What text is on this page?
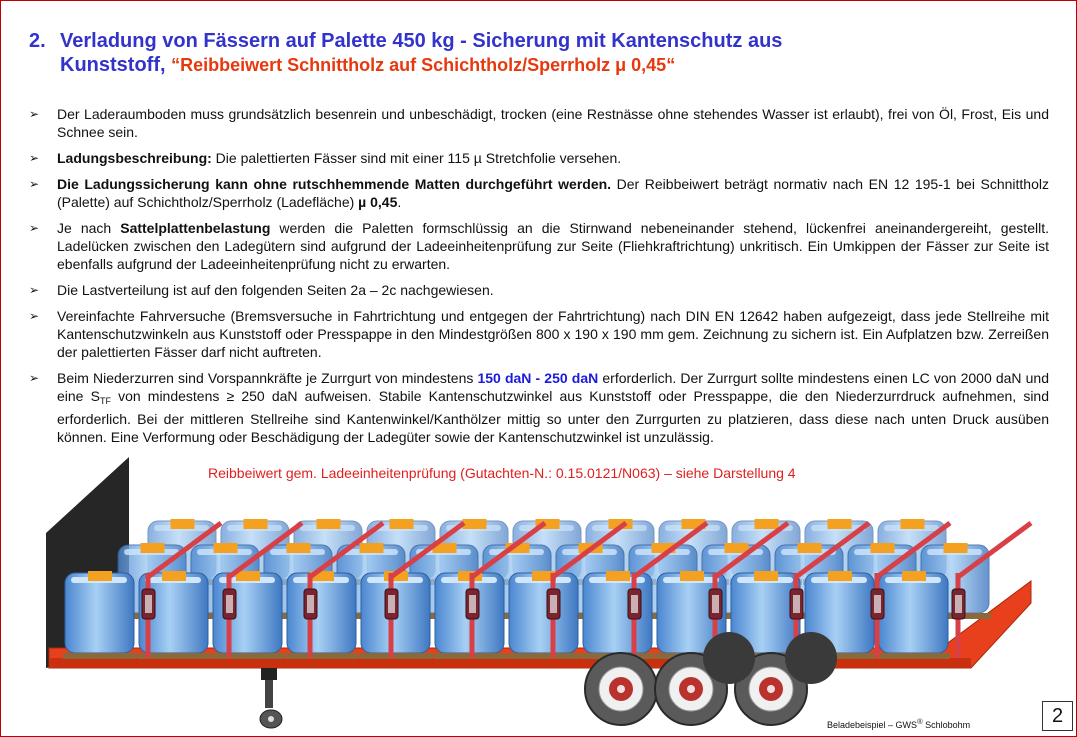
2. Verladung von Fässern auf Palette 450 kg - Sicherung mit Kantenschutz aus
Kunststoff, “Reibbeiwert Schnittholz auf Schichtholz/Sperrholz μ 0,45“
➢ Der Laderaumboden muss grundsätzlich besenrein und unbeschädigt, trocken (eine Restnässe ohne stehendes Wasser ist erlaubt), frei von Öl, Frost, Eis und Schnee sein.
➢ Ladungsbeschreibung: Die palettierten Fässer sind mit einer 115 µ Stretchfolie versehen.
➢ Die Ladungssicherung kann ohne rutschhemmende Matten durchgeführt werden. Der Reibbeiwert beträgt normativ nach EN 12 195-1 bei Schnittholz (Palette) auf Schichtholz/Sperrholz (Ladefläche) µ 0,45.
➢ Je nach Sattelplattenbelastung werden die Paletten formschlüssig an die Stirnwand nebeneinander stehend, lückenfrei aneinandergereiht, gestellt. Ladelücken zwischen den Ladegütern sind aufgrund der Ladeeinheitenprüfung zur Seite (Fliehkraftrichtung) unkritisch. Ein Umkippen der Fässer zur Seite ist ebenfalls aufgrund der Ladeeinheitenprüfung nicht zu erwarten.
➢ Die Lastverteilung ist auf den folgenden Seiten 2a – 2c nachgewiesen.
➢ Vereinfachte Fahrversuche (Bremsversuche in Fahrtrichtung und entgegen der Fahrtrichtung) nach DIN EN 12642 haben aufgezeigt, dass jede Stellreihe mit Kantenschutzwinkeln aus Kunststoff oder Presspappe in den Mindestgrößen 800 x 190 x 190 mm gem. Zeichnung zu sichern ist. Ein Aufplatzen bzw. Zerreißen der palettierten Fässer darf nicht auftreten.
➢ Beim Niederzurren sind Vorspannkräfte je Zurrgurt von mindestens 150 daN - 250 daN erforderlich. Der Zurrgurt sollte mindestens einen LC von 2000 daN und eine $S_{TF}$ von mindestens ≥ 250 daN aufweisen. Stabile Kantenschutzwinkel aus Kunststoff oder Presspappe, die den Niederzurrdruck aufnehmen, sind erforderlich. Bei der mittleren Stellreihe sind Kantenwinkel/Kanthölzer mittig so unter den Zurrgurten zu platzieren, dass diese nach unten Druck ausüben können. Eine Verformung oder Beschädigung der Ladegüter sowie der Kantenschutzwinkel ist unzulässig.
Reibbeiwert gem. Ladeeinheitenprüfung (Gutachten-N.: 0.15.0121/N063) – siehe Darstellung 4
Beladebeispiel – GWS® Schlobohm	2
